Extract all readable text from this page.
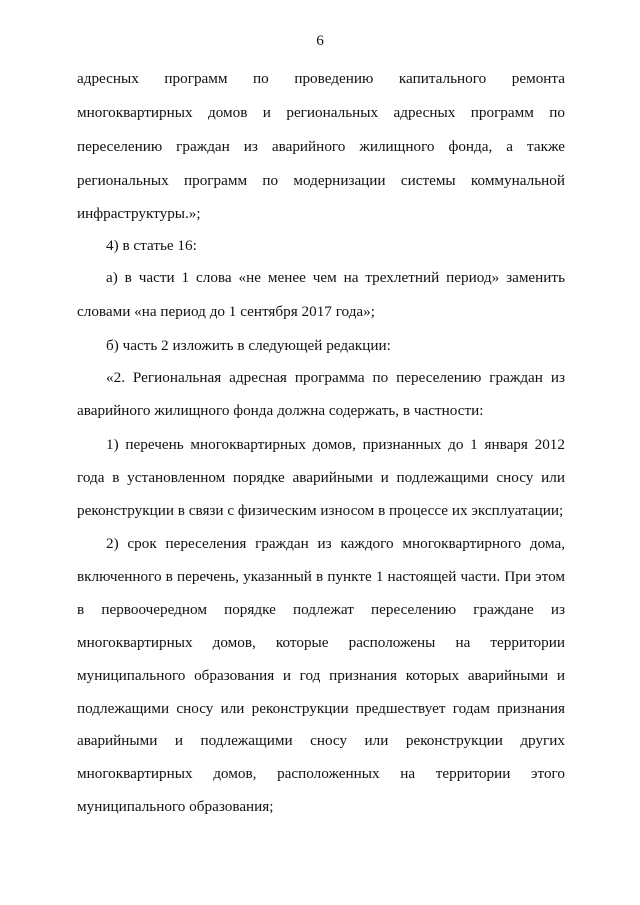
6
адресных программ по проведению капитального ремонта
многоквартирных домов и региональных адресных программ по
переселению граждан из аварийного жилищного фонда, а также
региональных программ по модернизации системы коммунальной
инфраструктуры.»;
4) в статье 16:
а) в части 1 слова «не менее чем на трехлетний период» заменить
словами «на период до 1 сентября 2017 года»;
б) часть 2 изложить в следующей редакции:
«2. Региональная адресная программа по переселению граждан из
аварийного жилищного фонда должна содержать, в частности:
1) перечень многоквартирных домов, признанных до 1 января 2012
года в установленном порядке аварийными и подлежащими сносу или
реконструкции в связи с физическим износом в процессе их эксплуатации;
2) срок переселения граждан из каждого многоквартирного дома,
включенного в перечень, указанный в пункте 1 настоящей части. При этом
в первоочередном порядке подлежат переселению граждане из
многоквартирных домов, которые расположены на территории
муниципального образования и год признания которых аварийными и
подлежащими сносу или реконструкции предшествует годам признания
аварийными и подлежащими сносу или реконструкции других
многоквартирных домов, расположенных на территории этого
муниципального образования;
